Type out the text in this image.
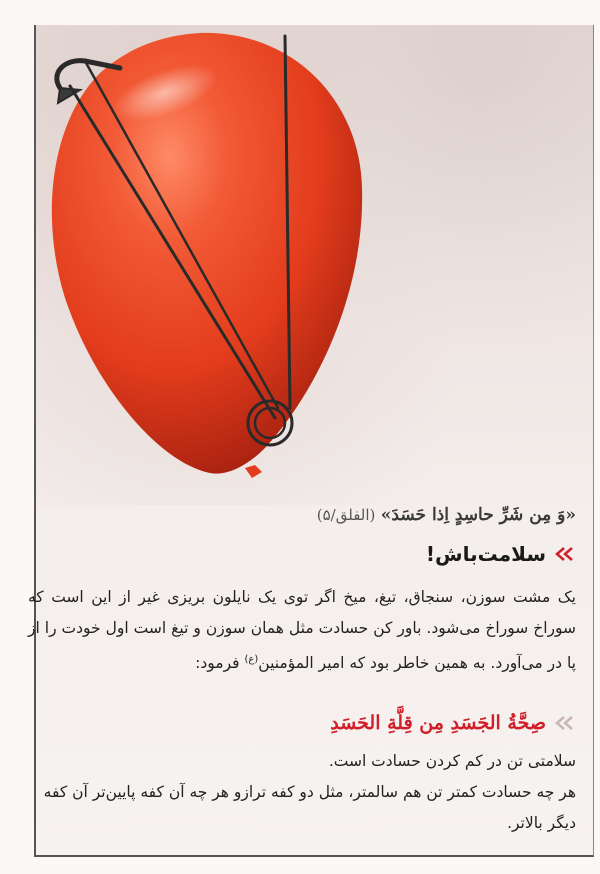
«وَ مِن شَرِّ حاسِدٍ اِذا حَسَدَ» (الفلق/۵)
سلامت‌باش!
یک مشت سوزن، سنجاق، تیغ، میخ اگر توی یک نایلون بریزی غیر از این است که سوراخ سوراخ می‌شود. باور کن حسادت مثل همان سوزن و تیغ است اول خودت را از پا در می‌آورد. به همین خاطر بود که امیر المؤمنین$^{(ع)}$ فرمود:
صِحَّةُ الجَسَدِ مِن قِلَّةِ الحَسَدِ
سلامتی تن در کم کردن حسادت است.
هر چه حسادت کمتر تن هم سالمتر، مثل دو کفه ترازو هر چه آن کفه پایین‌تر آن کفه دیگر بالاتر.
